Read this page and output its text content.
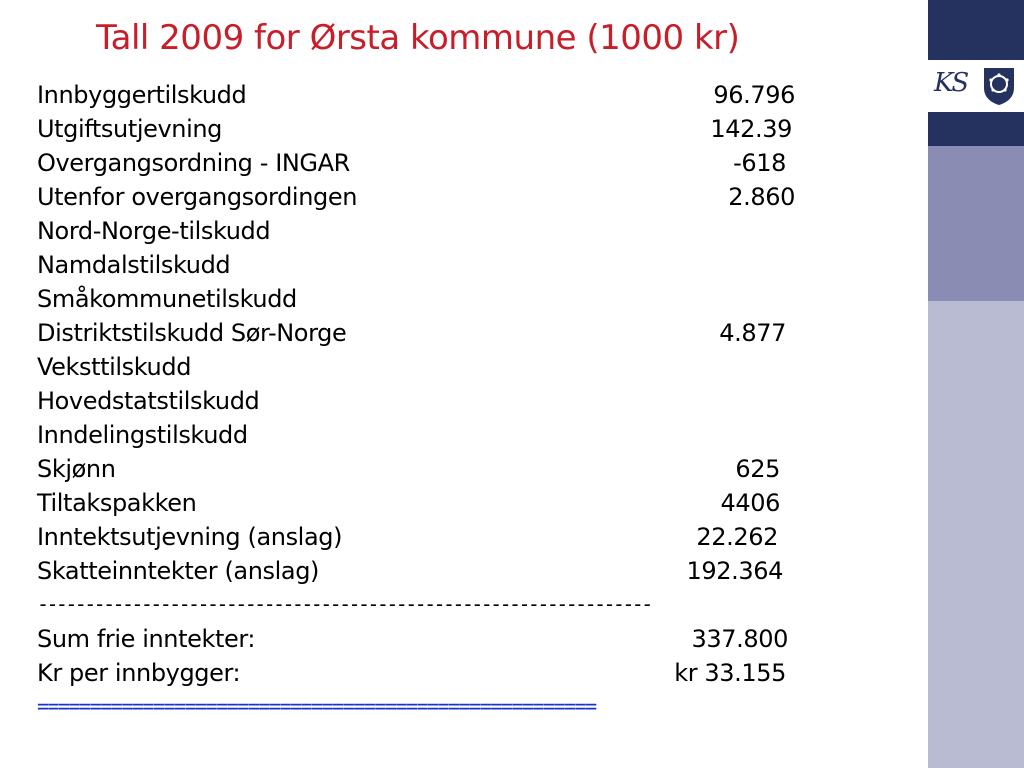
Tall 2009 for Ørsta kommune (1000 kr)
Innbyggertilskudd	96.796
Utgiftsutjevning	142.39
Overgangsordning - INGAR	-618
Utenfor overgangsordingen	2.860
Nord-Norge-tilskudd
Namdalstilskudd
Småkommunetilskudd
Distriktstilskudd Sør-Norge	4.877
Veksttilskudd
Hovedstatstilskudd
Inndelingstilskudd
Skjønn	625
Tiltakspakken	4406
Inntektsutjevning (anslag)	22.262
Skatteinntekter (anslag)	192.364
-----------------------------------------------------------------
Sum frie inntekter:	337.800
Kr per innbygger:	kr 33.155
=====================================================
KS
